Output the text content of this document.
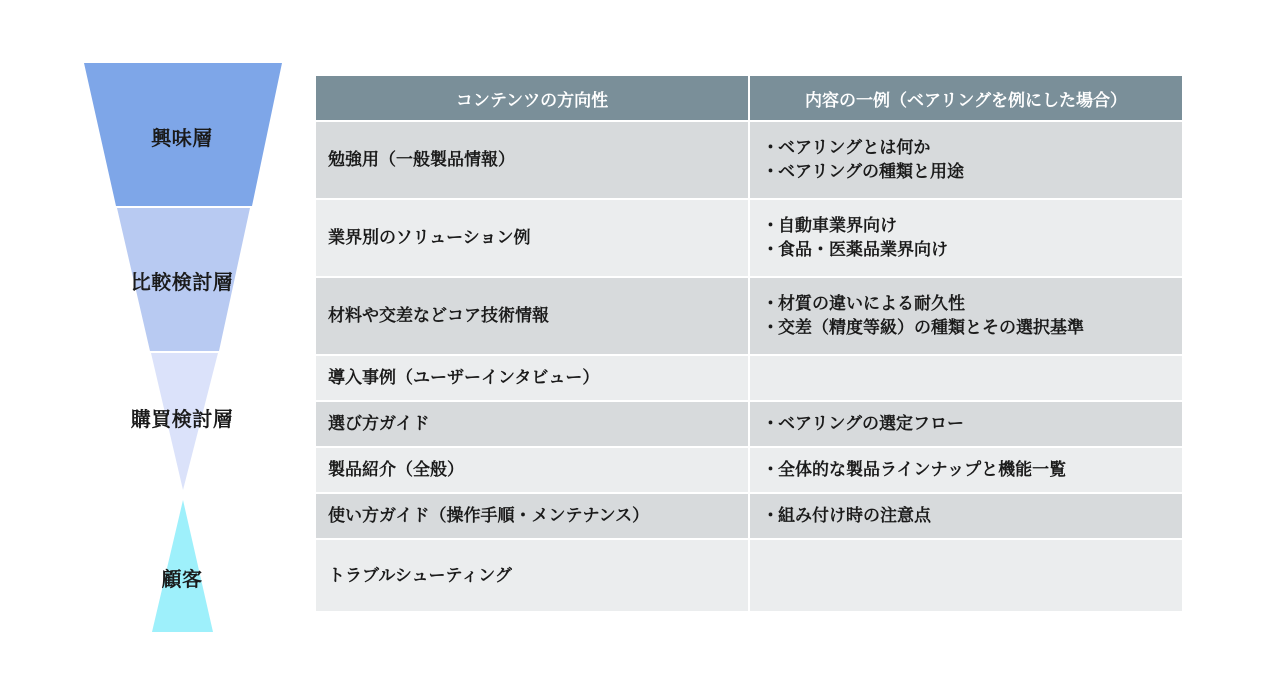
興味層
比較検討層
購買検討層
顧客
コンテンツの方向性	内容の一例（ベアリングを例にした場合）
勉強用（一般製品情報）	・ベアリングとは何か
・ベアリングの種類と用途

業界別のソリューション例	・自動車業界向け
・食品・医薬品業界向け

材料や交差などコア技術情報	・材質の違いによる耐久性
・交差（精度等級）の種類とその選択基準

導入事例（ユーザーインタビュー）	
選び方ガイド	・ベアリングの選定フロー

製品紹介（全般）	・全体的な製品ラインナップと機能一覧

使い方ガイド（操作手順・メンテナンス）	・組み付け時の注意点

トラブルシューティング	
